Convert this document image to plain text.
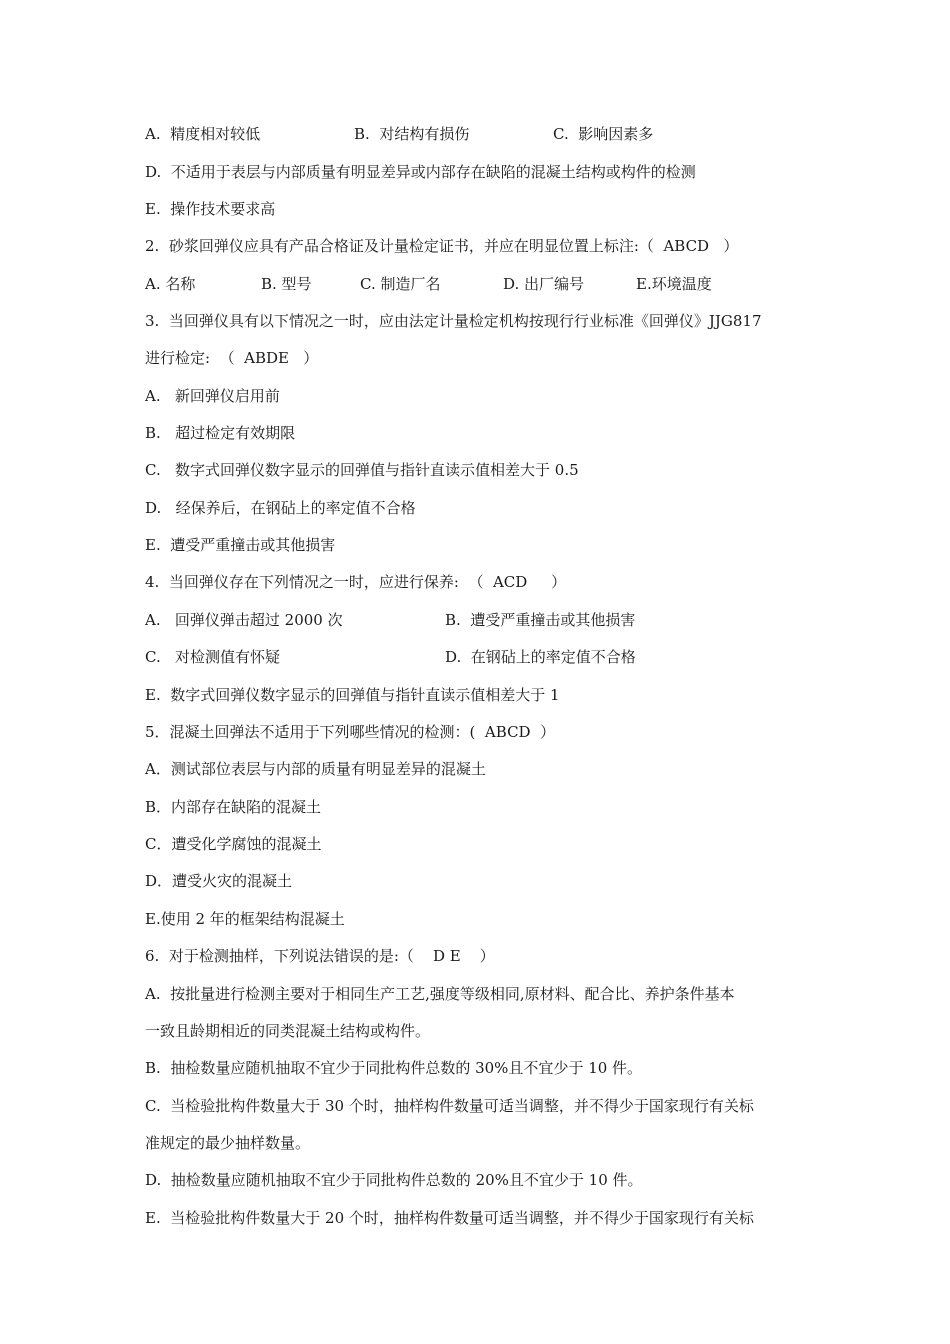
A.  精度相对较低

	B.  对结构有损伤

	C.  影响因素多

D.  不适用于表层与内部质量有明显差异或内部存在缺陷的混凝土结构或构件的检测
E.  操作技术要求高
2.  砂浆回弹仪应具有产品合格证及计量检定证书，并应在明显位置上标注:（  ABCD   ）

A. 名称

	B. 型号

	C. 制造厂名

	D. 出厂编号

	E.环境温度

3.  当回弹仪具有以下情况之一时，应由法定计量检定机构按现行行业标准《回弹仪》JJG817
进行检定:  （  ABDE   ）
A.   新回弹仪启用前
B.   超过检定有效期限
C.   数字式回弹仪数字显示的回弹值与指针直读示值相差大于 0.5
D.   经保养后，在钢砧上的率定值不合格
E.  遭受严重撞击或其他损害
4.  当回弹仪存在下列情况之一时，应进行保养:  （  ACD     ）

A.   回弹仪弹击超过 2000 次

	B.  遭受严重撞击或其他损害

C.   对检测值有怀疑

	D.  在钢砧上的率定值不合格

E.  数字式回弹仪数字显示的回弹值与指针直读示值相差大于 1
5．混凝土回弹法不适用于下列哪些情况的检测：(  ABCD  ）
A．测试部位表层与内部的质量有明显差异的混凝土
B．内部存在缺陷的混凝土
C．遭受化学腐蚀的混凝土
D．遭受火灾的混凝土
E.使用 2 年的框架结构混凝土
6.  对于检测抽样，下列说法错误的是:（    D E    ）
A.  按批量进行检测主要对于相同生产工艺,强度等级相同,原材料、配合比、养护条件基本
一致且龄期相近的同类混凝土结构或构件。
B.  抽检数量应随机抽取不宜少于同批构件总数的 30%且不宜少于 10 件。
C.  当检验批构件数量大于 30 个时，抽样构件数量可适当调整，并不得少于国家现行有关标
准规定的最少抽样数量。
D.  抽检数量应随机抽取不宜少于同批构件总数的 20%且不宜少于 10 件。
E.  当检验批构件数量大于 20 个时，抽样构件数量可适当调整，并不得少于国家现行有关标
